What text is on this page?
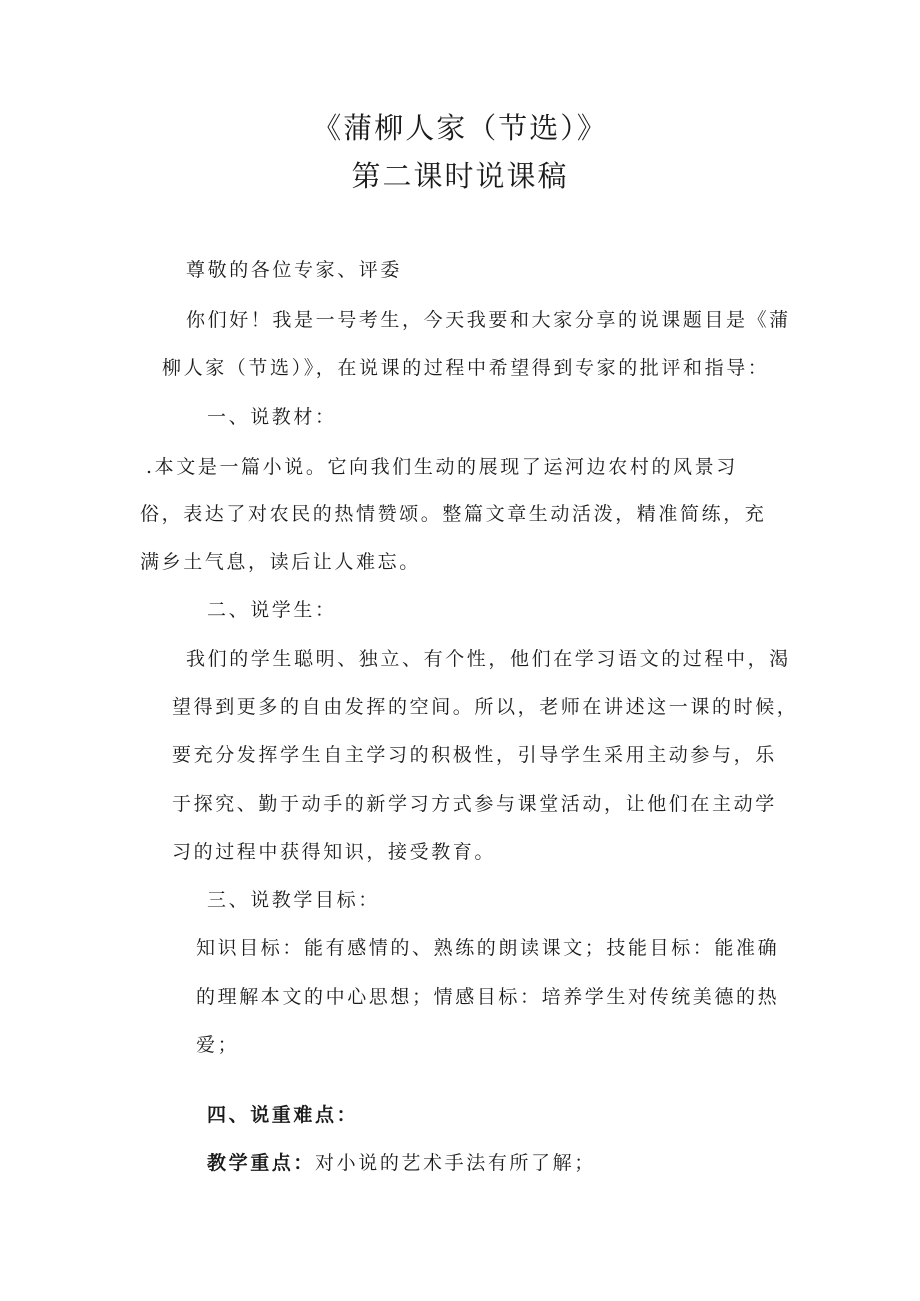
《蒲柳人家（节选）》
第二课时说课稿
尊敬的各位专家、评委
你们好！我是一号考生，今天我要和大家分享的说课题目是《蒲
柳人家（节选）》，在说课的过程中希望得到专家的批评和指导：
一、说教材：
.本文是一篇小说。它向我们生动的展现了运河边农村的风景习
俗，表达了对农民的热情赞颂。整篇文章生动活泼，精准简练，充
满乡土气息，读后让人难忘。
二、说学生：
我们的学生聪明、独立、有个性，他们在学习语文的过程中，渴
望得到更多的自由发挥的空间。所以，老师在讲述这一课的时候，
要充分发挥学生自主学习的积极性，引导学生采用主动参与，乐
于探究、勤于动手的新学习方式参与课堂活动，让他们在主动学
习的过程中获得知识，接受教育。
三、说教学目标：
知识目标：能有感情的、熟练的朗读课文；技能目标：能准确
的理解本文的中心思想；情感目标：培养学生对传统美德的热
爱；
四、说重难点：
教学重点：对小说的艺术手法有所了解；
